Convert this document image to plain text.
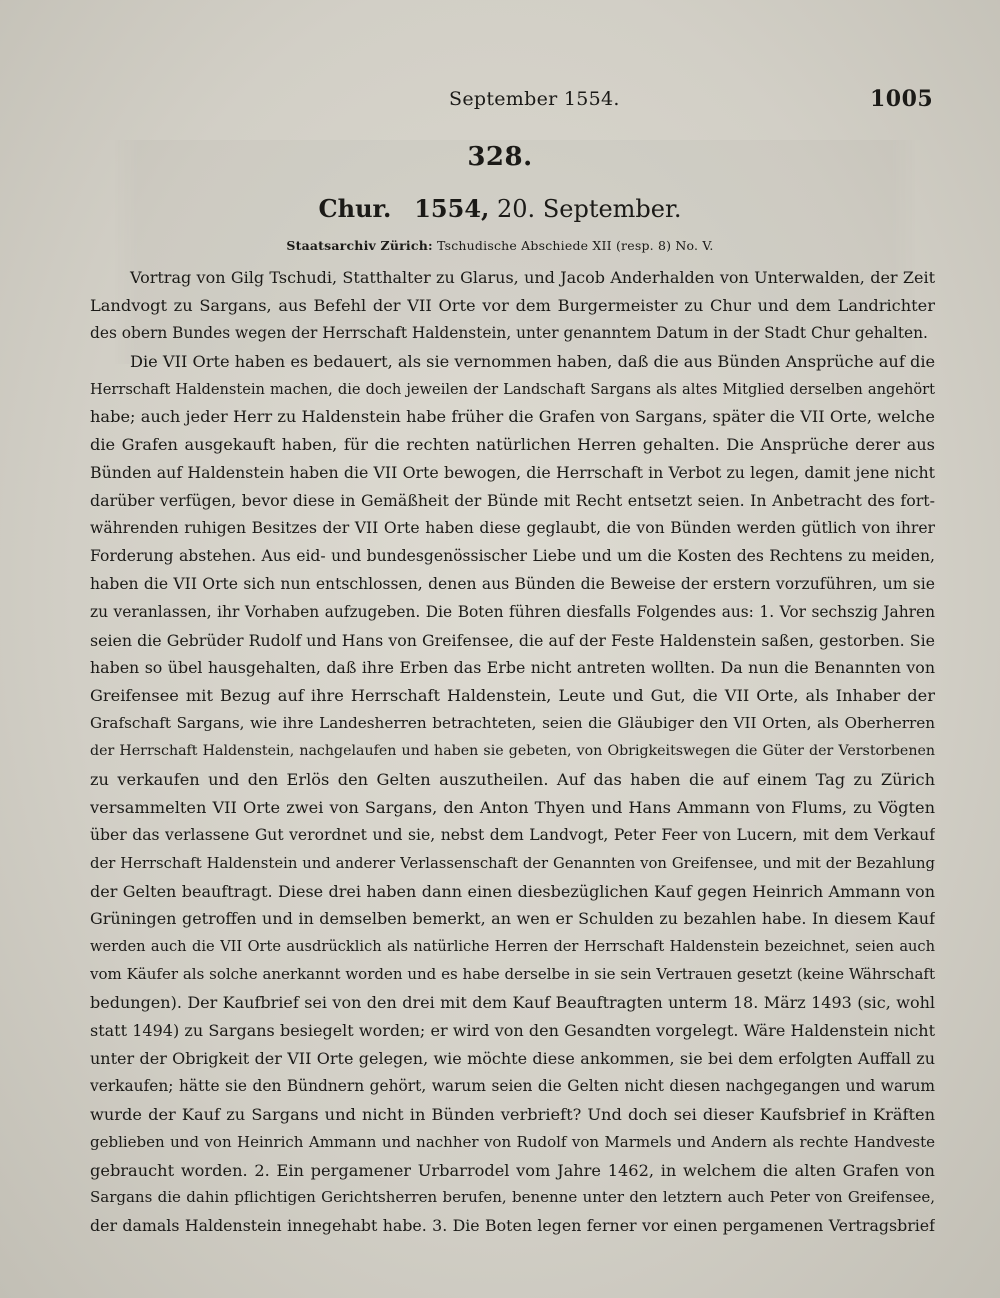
September 1554.	1005
328.
Chur. 1554, 20. September.
Staatsarchiv Zürich: Tschudische Abschiede XII (resp. 8) No. V.
Vortrag von Gilg Tschudi, Statthalter zu Glarus, und Jacob Anderhalden von Unterwalden, der Zeit
Landvogt zu Sargans, aus Befehl der VII Orte vor dem Burgermeister zu Chur und dem Landrichter
des obern Bundes wegen der Herrschaft Haldenstein, unter genanntem Datum in der Stadt Chur gehalten.
Die VII Orte haben es bedauert, als sie vernommen haben, daß die aus Bünden Ansprüche auf die
Herrschaft Haldenstein machen, die doch jeweilen der Landschaft Sargans als altes Mitglied derselben angehört
habe; auch jeder Herr zu Haldenstein habe früher die Grafen von Sargans, später die VII Orte, welche
die Grafen ausgekauft haben, für die rechten natürlichen Herren gehalten. Die Ansprüche derer aus
Bünden auf Haldenstein haben die VII Orte bewogen, die Herrschaft in Verbot zu legen, damit jene nicht
darüber verfügen, bevor diese in Gemäßheit der Bünde mit Recht entsetzt seien. In Anbetracht des fort-
währenden ruhigen Besitzes der VII Orte haben diese geglaubt, die von Bünden werden gütlich von ihrer
Forderung abstehen. Aus eid- und bundesgenössischer Liebe und um die Kosten des Rechtens zu meiden,
haben die VII Orte sich nun entschlossen, denen aus Bünden die Beweise der erstern vorzuführen, um sie
zu veranlassen, ihr Vorhaben aufzugeben. Die Boten führen diesfalls Folgendes aus: 1. Vor sechszig Jahren
seien die Gebrüder Rudolf und Hans von Greifensee, die auf der Feste Haldenstein saßen, gestorben. Sie
haben so übel hausgehalten, daß ihre Erben das Erbe nicht antreten wollten. Da nun die Benannten von
Greifensee mit Bezug auf ihre Herrschaft Haldenstein, Leute und Gut, die VII Orte, als Inhaber der
Grafschaft Sargans, wie ihre Landesherren betrachteten, seien die Gläubiger den VII Orten, als Oberherren
der Herrschaft Haldenstein, nachgelaufen und haben sie gebeten, von Obrigkeitswegen die Güter der Verstorbenen
zu verkaufen und den Erlös den Gelten auszutheilen. Auf das haben die auf einem Tag zu Zürich
versammelten VII Orte zwei von Sargans, den Anton Thyen und Hans Ammann von Flums, zu Vögten
über das verlassene Gut verordnet und sie, nebst dem Landvogt, Peter Feer von Lucern, mit dem Verkauf
der Herrschaft Haldenstein und anderer Verlassenschaft der Genannten von Greifensee, und mit der Bezahlung
der Gelten beauftragt. Diese drei haben dann einen diesbezüglichen Kauf gegen Heinrich Ammann von
Grüningen getroffen und in demselben bemerkt, an wen er Schulden zu bezahlen habe. In diesem Kauf
werden auch die VII Orte ausdrücklich als natürliche Herren der Herrschaft Haldenstein bezeichnet, seien auch
vom Käufer als solche anerkannt worden und es habe derselbe in sie sein Vertrauen gesetzt (keine Währschaft
bedungen). Der Kaufbrief sei von den drei mit dem Kauf Beauftragten unterm 18. März 1493 (sic, wohl
statt 1494) zu Sargans besiegelt worden; er wird von den Gesandten vorgelegt. Wäre Haldenstein nicht
unter der Obrigkeit der VII Orte gelegen, wie möchte diese ankommen, sie bei dem erfolgten Auffall zu
verkaufen; hätte sie den Bündnern gehört, warum seien die Gelten nicht diesen nachgegangen und warum
wurde der Kauf zu Sargans und nicht in Bünden verbrieft? Und doch sei dieser Kaufsbrief in Kräften
geblieben und von Heinrich Ammann und nachher von Rudolf von Marmels und Andern als rechte Handveste
gebraucht worden. 2. Ein pergamener Urbarrodel vom Jahre 1462, in welchem die alten Grafen von
Sargans die dahin pflichtigen Gerichtsherren berufen, benenne unter den letztern auch Peter von Greifensee,
der damals Haldenstein innegehabt habe. 3. Die Boten legen ferner vor einen pergamenen Vertragsbrief
